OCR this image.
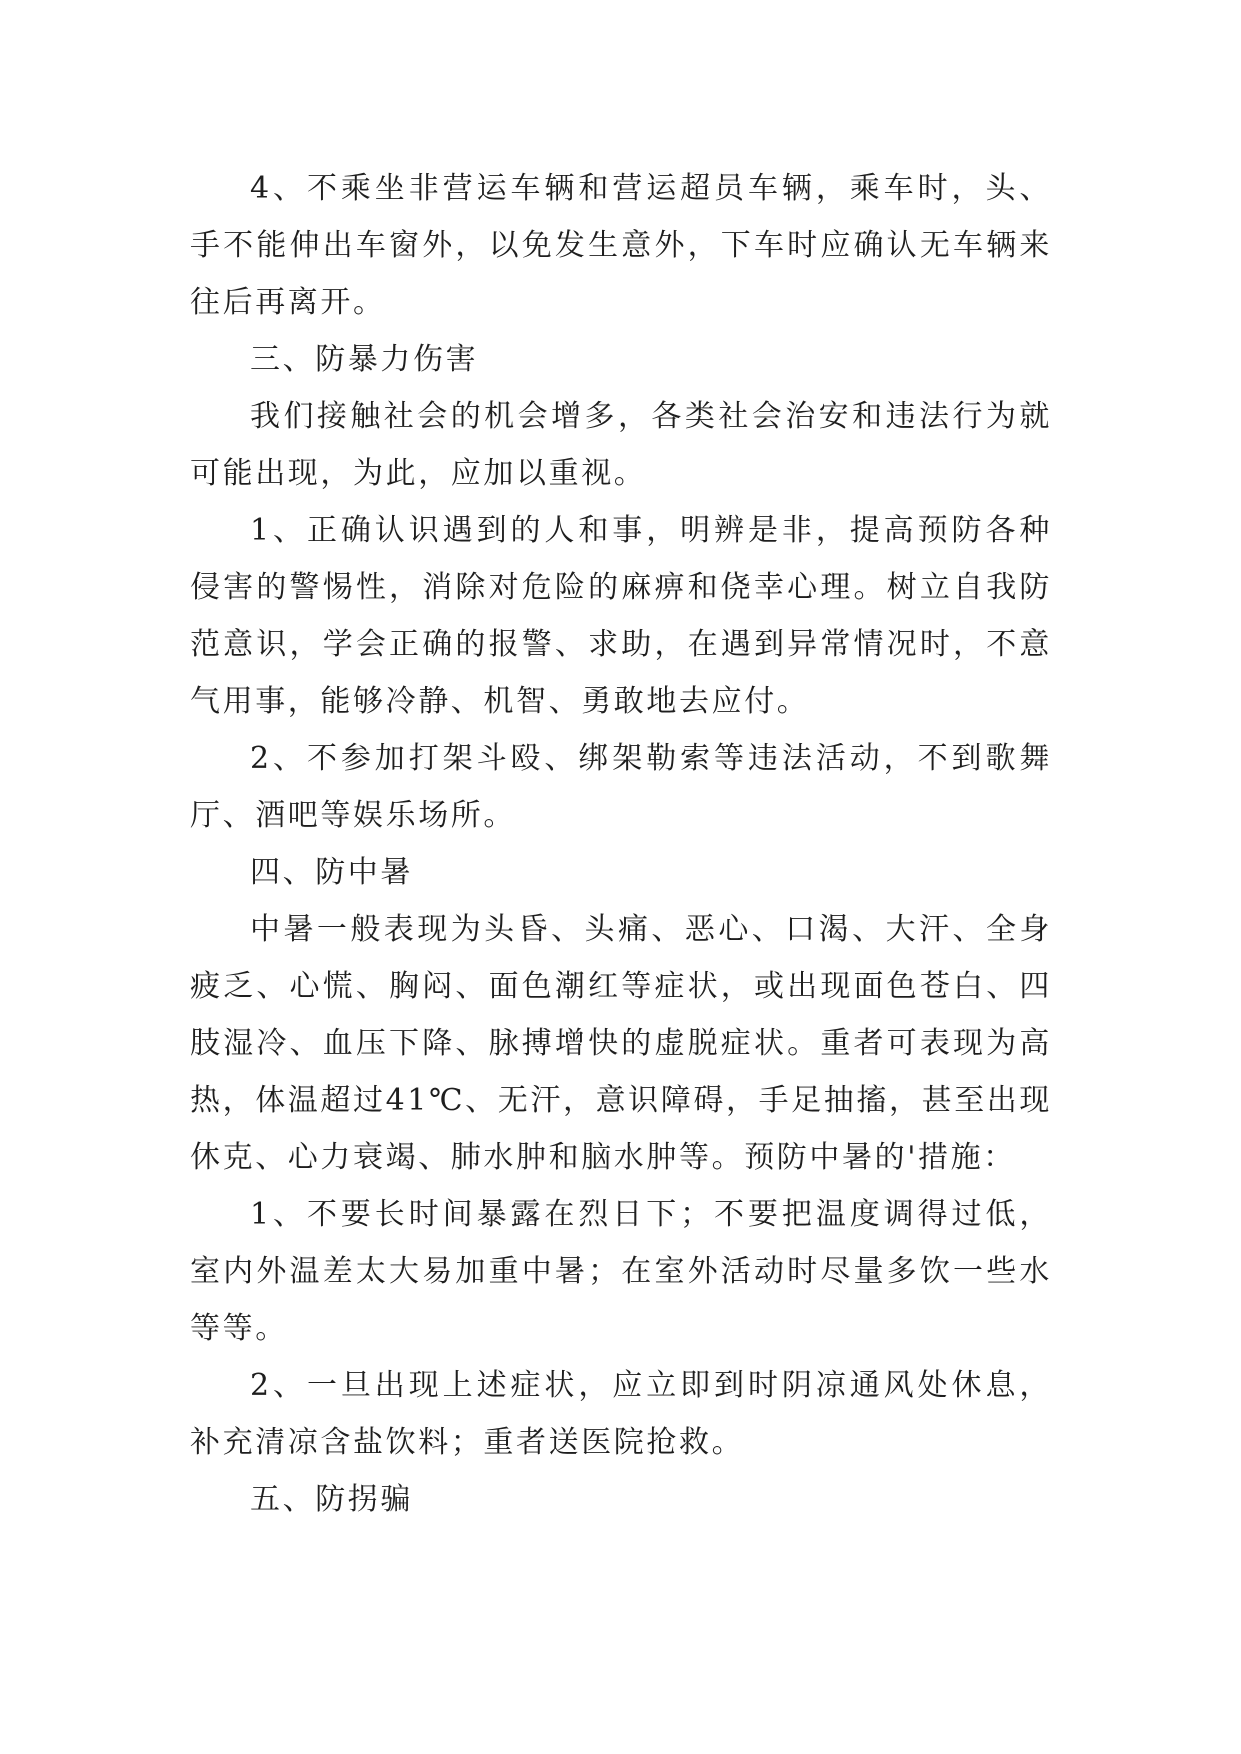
4、不乘坐非营运车辆和营运超员车辆，乘车时，头、手不能伸出车窗外，以免发生意外，下车时应确认无车辆来往后再离开。

三、防暴力伤害

我们接触社会的机会增多，各类社会治安和违法行为就可能出现，为此，应加以重视。

1、正确认识遇到的人和事，明辨是非，提高预防各种侵害的警惕性，消除对危险的麻痹和侥幸心理。树立自我防范意识，学会正确的报警、求助，在遇到异常情况时，不意气用事，能够冷静、机智、勇敢地去应付。

2、不参加打架斗殴、绑架勒索等违法活动，不到歌舞厅、酒吧等娱乐场所。

四、防中暑

中暑一般表现为头昏、头痛、恶心、口渴、大汗、全身疲乏、心慌、胸闷、面色潮红等症状，或出现面色苍白、四肢湿冷、血压下降、脉搏增快的虚脱症状。重者可表现为高热，体温超过41℃、无汗，意识障碍，手足抽搐，甚至出现休克、心力衰竭、肺水肿和脑水肿等。预防中暑的'措施：

1、不要长时间暴露在烈日下；不要把温度调得过低，室内外温差太大易加重中暑；在室外活动时尽量多饮一些水等等。

2、一旦出现上述症状，应立即到时阴凉通风处休息，补充清凉含盐饮料；重者送医院抢救。

五、防拐骗
